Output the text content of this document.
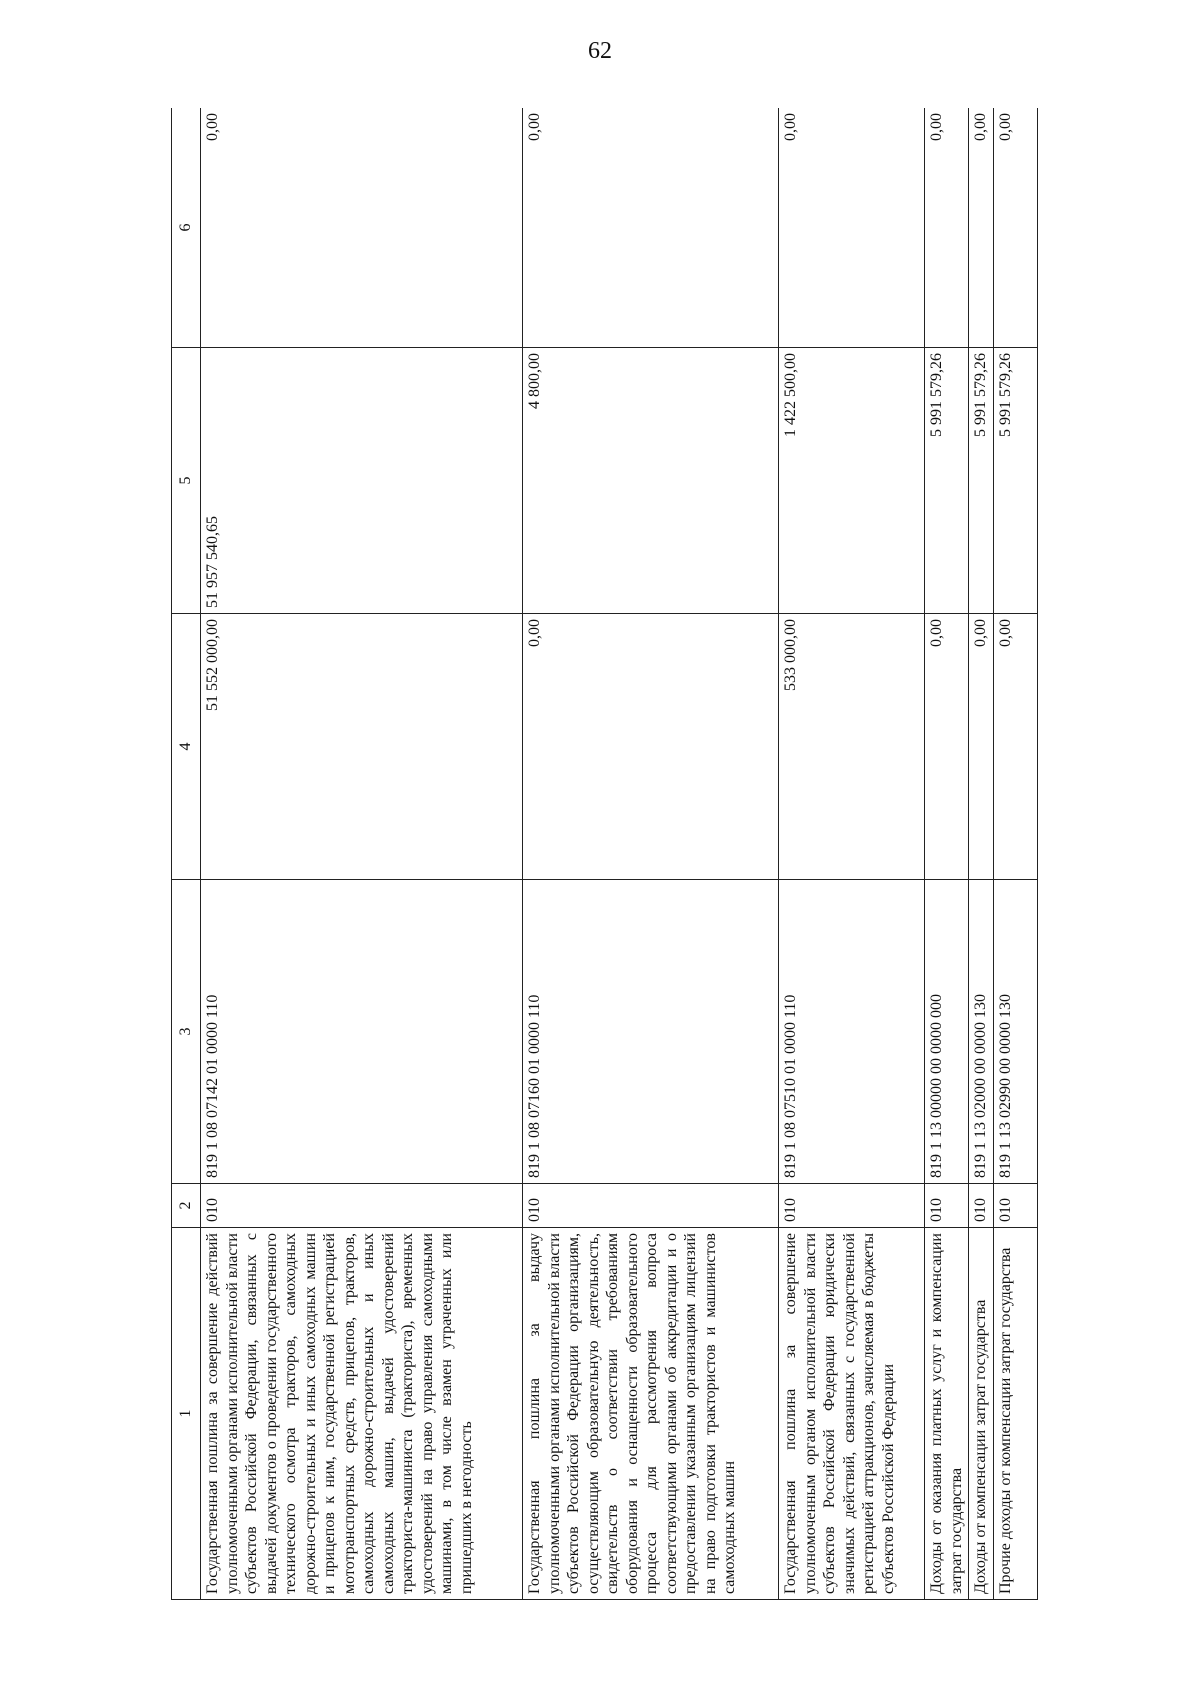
62
1	2	3	4	5	6
Государственная пошлина за совершение действий уполномоченными органами исполнительной власти субъектов Российской Федерации, связанных с выдачей документов о проведении государственного технического осмотра тракторов, самоходных дорожно-строительных и иных самоходных машин и прицепов к ним, государственной регистрацией мототранспортных средств, прицепов, тракторов, самоходных дорожно-строительных и иных самоходных машин, выдачей удостоверений тракториста-машиниста (тракториста), временных удостоверений на право управления самоходными машинами, в том числе взамен утраченных или пришедших в негодность	010	819 1 08 07142 01 0000 110	51 552 000,00	51 957 540,65	0,00
Государственная пошлина за выдачу уполномоченными органами исполнительной власти субъектов Российской Федерации организациям, осуществляющим образовательную деятельность, свидетельств о соответствии требованиям оборудования и оснащенности образовательного процесса для рассмотрения вопроса соответствующими органами об аккредитации и о предоставлении указанным организациям лицензий на право подготовки трактористов и машинистов самоходных машин	010	819 1 08 07160 01 0000 110	0,00	4 800,00	0,00
Государственная пошлина за совершение уполномоченным органом исполнительной власти субъектов Российской Федерации юридически значимых действий, связанных с государственной регистрацией аттракционов, зачисляемая в бюджеты субъектов Российской Федерации	010	819 1 08 07510 01 0000 110	533 000,00	1 422 500,00	0,00
Доходы от оказания платных услуг и компенсации затрат государства	010	819 1 13 00000 00 0000 000	0,00	5 991 579,26	0,00
Доходы от компенсации затрат государства	010	819 1 13 02000 00 0000 130	0,00	5 991 579,26	0,00
Прочие доходы от компенсации затрат государства	010	819 1 13 02990 00 0000 130	0,00	5 991 579,26	0,00
